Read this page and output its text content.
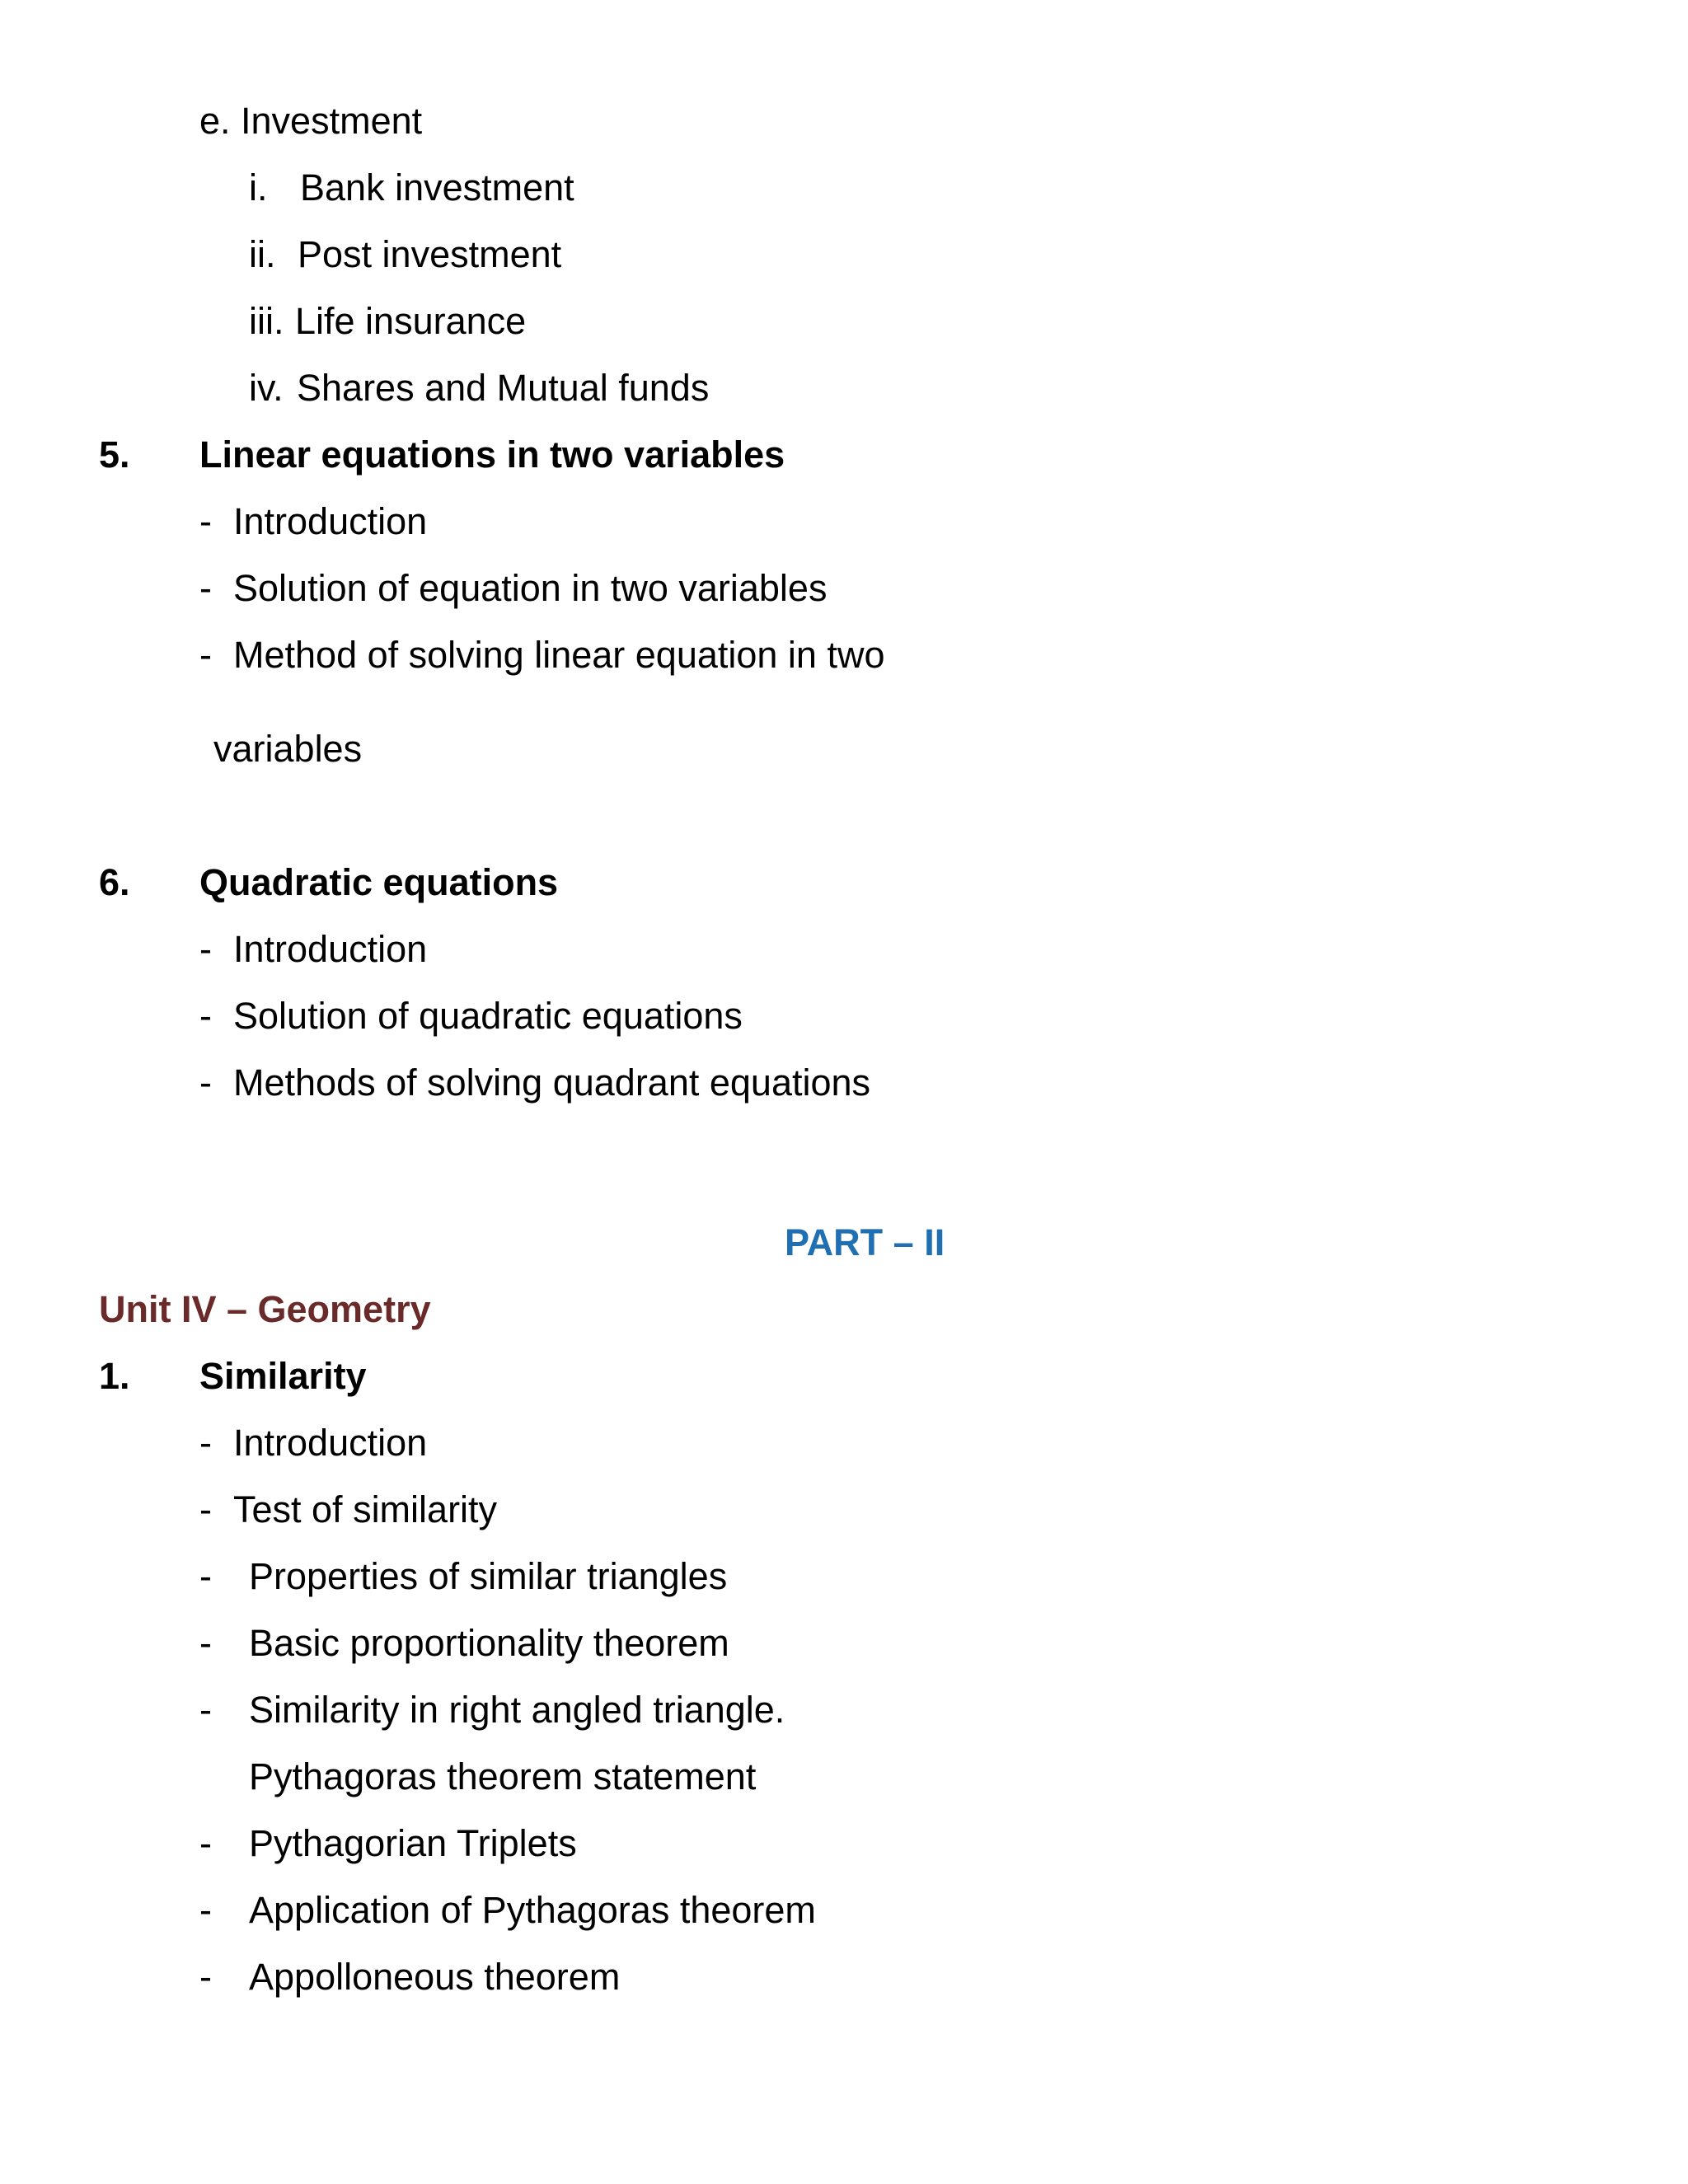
e. Investment
i. Bank investment
ii. Post investment
iii. Life insurance
iv. Shares and Mutual funds
5. Linear equations in two variables
- Introduction
- Solution of equation in two variables
- Method of solving linear equation in two
variables
6. Quadratic equations
- Introduction
- Solution of quadratic equations
- Methods of solving quadrant equations
PART – II
Unit IV – Geometry
1. Similarity
- Introduction
- Test of similarity
- Properties of similar triangles
- Basic proportionality theorem
- Similarity in right angled triangle.
Pythagoras theorem statement
- Pythagorian Triplets
- Application of Pythagoras theorem
- Appolloneous theorem
